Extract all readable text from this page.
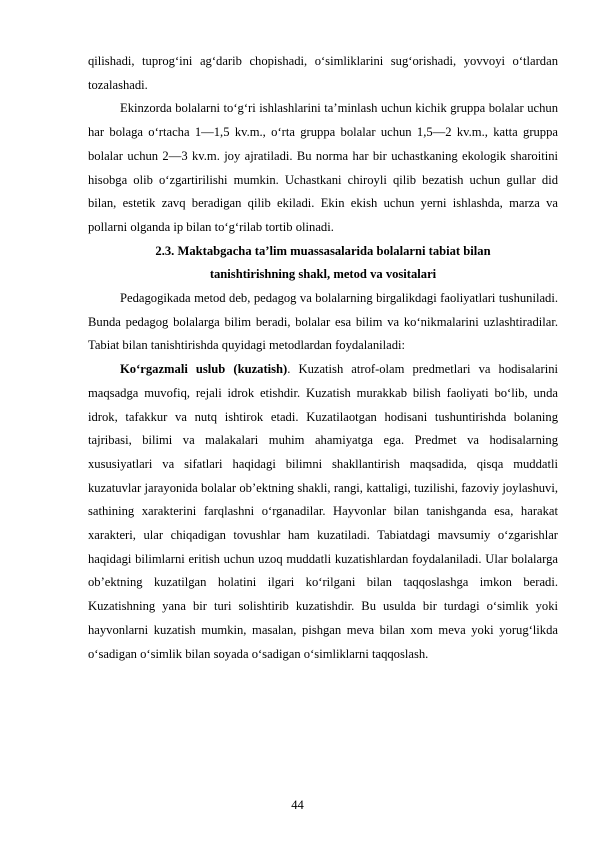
qilishadi, tuprog‘ini ag‘darib chopishadi, o‘simliklarini sug‘orishadi, yovvoyi o‘tlardan tozalashadi.

Ekinzorda bolalarni to‘g‘ri ishlashlarini ta’minlash uchun kichik gruppa bolalar uchun har bolaga o‘rtacha 1—1,5 kv.m., o‘rta gruppa bolalar uchun 1,5—2 kv.m., katta gruppa bolalar uchun 2—3 kv.m. joy ajratiladi. Bu norma har bir uchastkaning ekologik sharoitini hisobga olib o‘zgartirilishi mumkin. Uchastkani chiroyli qilib bezatish uchun gullar did bilan, estetik zavq beradigan qilib ekiladi. Ekin ekish uchun yerni ishlashda, marza va pollarni olganda ip bilan to‘g‘rilab tortib olinadi.

2.3. Maktabgacha ta’lim muassasalarida bolalarni tabiat bilan
tanishtirishning shakl, metod va vositalari

Pedagogikada metod deb, pedagog va bolalarning birgalikdagi faoliyatlari tushuniladi. Bunda pedagog bolalarga bilim beradi, bolalar esa bilim va ko‘nikmalarini uzlashtiradilar. Tabiat bilan tanishtirishda quyidagi metodlardan foydalaniladi:

Ko‘rgazmali uslub (kuzatish). Kuzatish atrof-olam predmetlari va hodisalarini maqsadga muvofiq, rejali idrok etishdir. Kuzatish murakkab bilish faoliyati bo‘lib, unda idrok, tafakkur va nutq ishtirok etadi. Kuzatilaotgan hodisani tushuntirishda bolaning tajribasi, bilimi va malakalari muhim ahamiyatga ega. Predmet va hodisalarning xususiyatlari va sifatlari haqidagi bilimni shakllantirish maqsadida, qisqa muddatli kuzatuvlar jarayonida bolalar ob’ektning shakli, rangi, kattaligi, tuzilishi, fazoviy joylashuvi, sathining xarakterini farqlashni o‘rganadilar. Hayvonlar bilan tanishganda esa, harakat xarakteri, ular chiqadigan tovushlar ham kuzatiladi. Tabiatdagi mavsumiy o‘zgarishlar haqidagi bilimlarni eritish uchun uzoq muddatli kuzatishlardan foydalaniladi. Ular bolalarga ob’ektning kuzatilgan holatini ilgari ko‘rilgani bilan taqqoslashga imkon beradi. Kuzatishning yana bir turi solishtirib kuzatishdir. Bu usulda bir turdagi o‘simlik yoki hayvonlarni kuzatish mumkin, masalan, pishgan meva bilan xom meva yoki yorug‘likda o‘sadigan o‘simlik bilan soyada o‘sadigan o‘simliklarni taqqoslash.

44
